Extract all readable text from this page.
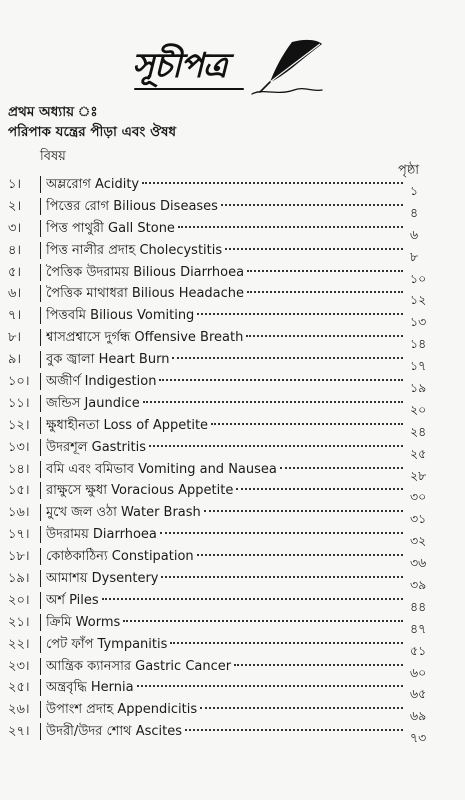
সূচীপত্র
প্রথম অধ্যায় ঃ
পরিপাক যন্ত্রের পীড়া এবং ঔষধ
বিষয়
পৃষ্ঠা
১।	অম্লরোগ Acidity	১
২।	পিত্তের রোগ Bilious Diseases	৪
৩।	পিত্ত পাথুরী Gall Stone	৬
৪।	পিত্ত নালীর প্রদাহ Cholecystitis	৮
৫।	পৈত্তিক উদরাময় Bilious Diarrhoea	১০
৬।	পৈত্তিক মাথাধরা Bilious Headache	১২
৭।	পিত্তবমি Bilious Vomiting	১৩
৮।	শ্বাসপ্রশ্বাসে দুর্গন্ধ Offensive Breath	১৪
৯।	বুক জ্বালা Heart Burn	১৭
১০।	অজীর্ণ Indigestion	১৯
১১।	জন্ডিস Jaundice	২০
১২।	ক্ষুধাহীনতা Loss of Appetite	২৪
১৩।	উদরশূল Gastritis	২৫
১৪।	বমি এবং বমিভাব Vomiting and Nausea	২৮
১৫।	রাক্ষুসে ক্ষুধা Voracious Appetite	৩০
১৬।	মুখে জল ওঠা Water Brash	৩১
১৭।	উদরাময় Diarrhoea	৩২
১৮।	কোষ্ঠকাঠিন্য Constipation	৩৬
১৯।	আমাশয় Dysentery	৩৯
২০।	অর্শ Piles	৪৪
২১।	ক্রিমি Worms	৪৭
২২।	পেট ফাঁপ Tympanitis	৫১
২৩।	আন্ত্রিক ক্যানসার Gastric Cancer	৬০
২৫।	অন্ত্রবৃদ্ধি Hernia	৬৫
২৬।	উপাংশ প্রদাহ Appendicitis	৬৯
২৭।	উদরী/উদর শোথ Ascites	৭৩
